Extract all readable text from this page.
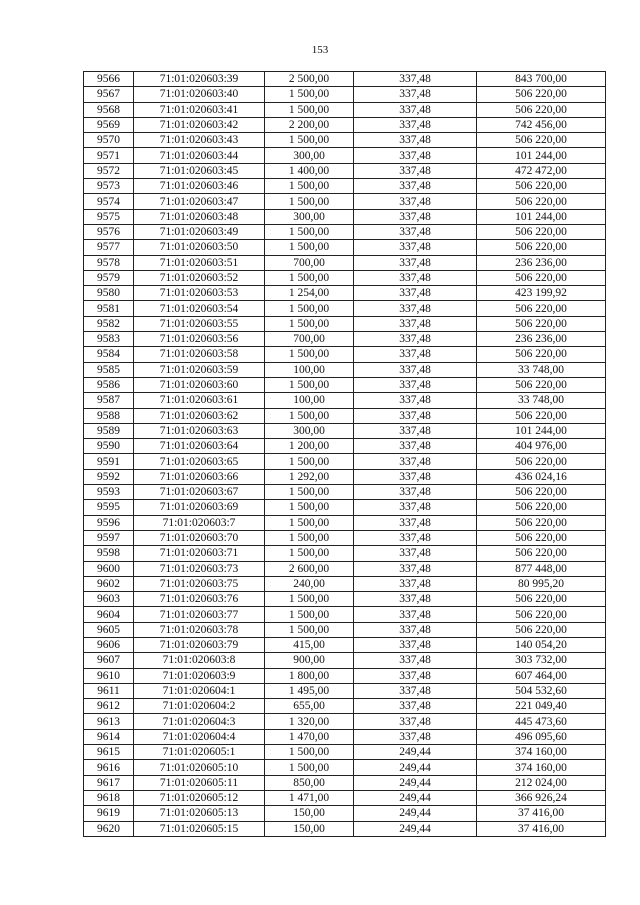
153
9566	71:01:020603:39	2 500,00	337,48	843 700,00
9567	71:01:020603:40	1 500,00	337,48	506 220,00
9568	71:01:020603:41	1 500,00	337,48	506 220,00
9569	71:01:020603:42	2 200,00	337,48	742 456,00
9570	71:01:020603:43	1 500,00	337,48	506 220,00
9571	71:01:020603:44	300,00	337,48	101 244,00
9572	71:01:020603:45	1 400,00	337,48	472 472,00
9573	71:01:020603:46	1 500,00	337,48	506 220,00
9574	71:01:020603:47	1 500,00	337,48	506 220,00
9575	71:01:020603:48	300,00	337,48	101 244,00
9576	71:01:020603:49	1 500,00	337,48	506 220,00
9577	71:01:020603:50	1 500,00	337,48	506 220,00
9578	71:01:020603:51	700,00	337,48	236 236,00
9579	71:01:020603:52	1 500,00	337,48	506 220,00
9580	71:01:020603:53	1 254,00	337,48	423 199,92
9581	71:01:020603:54	1 500,00	337,48	506 220,00
9582	71:01:020603:55	1 500,00	337,48	506 220,00
9583	71:01:020603:56	700,00	337,48	236 236,00
9584	71:01:020603:58	1 500,00	337,48	506 220,00
9585	71:01:020603:59	100,00	337,48	33 748,00
9586	71:01:020603:60	1 500,00	337,48	506 220,00
9587	71:01:020603:61	100,00	337,48	33 748,00
9588	71:01:020603:62	1 500,00	337,48	506 220,00
9589	71:01:020603:63	300,00	337,48	101 244,00
9590	71:01:020603:64	1 200,00	337,48	404 976,00
9591	71:01:020603:65	1 500,00	337,48	506 220,00
9592	71:01:020603:66	1 292,00	337,48	436 024,16
9593	71:01:020603:67	1 500,00	337,48	506 220,00
9595	71:01:020603:69	1 500,00	337,48	506 220,00
9596	71:01:020603:7	1 500,00	337,48	506 220,00
9597	71:01:020603:70	1 500,00	337,48	506 220,00
9598	71:01:020603:71	1 500,00	337,48	506 220,00
9600	71:01:020603:73	2 600,00	337,48	877 448,00
9602	71:01:020603:75	240,00	337,48	80 995,20
9603	71:01:020603:76	1 500,00	337,48	506 220,00
9604	71:01:020603:77	1 500,00	337,48	506 220,00
9605	71:01:020603:78	1 500,00	337,48	506 220,00
9606	71:01:020603:79	415,00	337,48	140 054,20
9607	71:01:020603:8	900,00	337,48	303 732,00
9610	71:01:020603:9	1 800,00	337,48	607 464,00
9611	71:01:020604:1	1 495,00	337,48	504 532,60
9612	71:01:020604:2	655,00	337,48	221 049,40
9613	71:01:020604:3	1 320,00	337,48	445 473,60
9614	71:01:020604:4	1 470,00	337,48	496 095,60
9615	71:01:020605:1	1 500,00	249,44	374 160,00
9616	71:01:020605:10	1 500,00	249,44	374 160,00
9617	71:01:020605:11	850,00	249,44	212 024,00
9618	71:01:020605:12	1 471,00	249,44	366 926,24
9619	71:01:020605:13	150,00	249,44	37 416,00
9620	71:01:020605:15	150,00	249,44	37 416,00
